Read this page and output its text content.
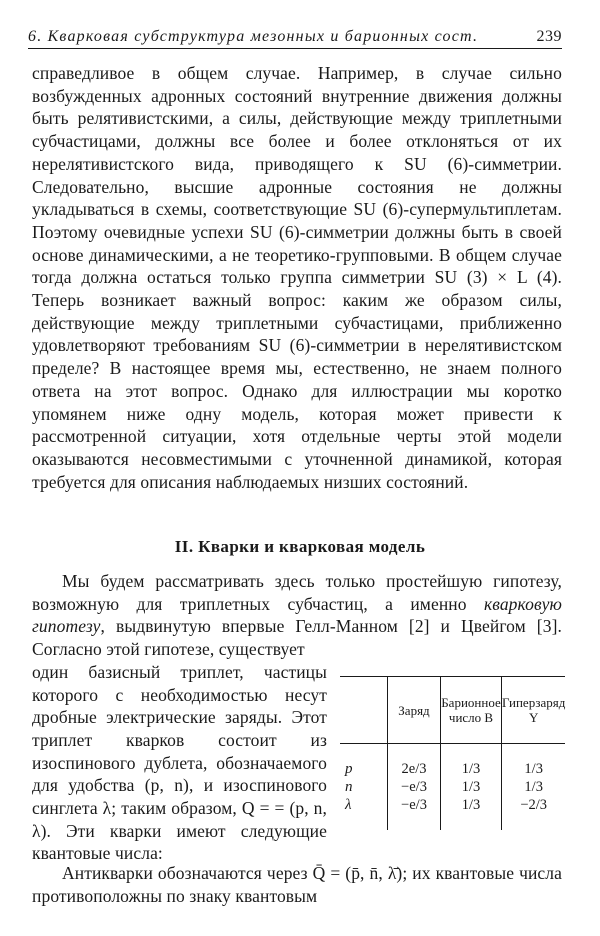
6. Кварковая субструктура мезонных и барионных сост.	239

справедливое в общем случае. Например, в случае сильно возбужденных адронных состояний внутренние движения должны быть релятивистскими, а силы, действующие между триплетными субчастицами, должны все более и более отклоняться от их нерелятивистского вида, приводящего к SU (6)-симметрии. Следовательно, высшие адронные состояния не должны укладываться в схемы, соответствующие SU (6)-супермультиплетам. Поэтому очевидные успехи SU (6)-симметрии должны быть в своей основе динамическими, а не теоретико-групповыми. В общем случае тогда должна остаться только группа симметрии SU (3) × L (4). Теперь возникает важный вопрос: каким же образом силы, действующие между триплетными субчастицами, приближенно удовлетворяют требованиям SU (6)-симметрии в нерелятивистском пределе? В настоящее время мы, естественно, не знаем полного ответа на этот вопрос. Однако для иллюстрации мы коротко упомянем ниже одну модель, которая может привести к рассмотренной ситуации, хотя отдельные черты этой модели оказываются несовместимыми с уточненной динамикой, которая требуется для описания наблюдаемых низших состояний.

II. Кварки и кварковая модель

Мы будем рассматривать здесь только простейшую гипотезу, возможную для триплетных субчастиц, а именно кварковую гипотезу, выдвинутую впервые Гелл-Манном [2] и Цвейгом [3]. Согласно этой гипотезе, существует
один базисный триплет, частицы которого с необходимостью несут дробные электрические заряды. Этот триплет кварков состоит из изоспинового дублета, обозначаемого для удобства (p, n), и изоспинового синглета λ; таким образом, Q = = (p, n, λ). Эти кварки имеют следующие квантовые числа:

	Заряд	Барионное число B	Гиперзаряд Y
p	2e/3	1/3	1/3
n	−e/3	1/3	1/3
λ	−e/3	1/3	−2/3

Антикварки обозначаются через Q̄ = (p̄, n̄, λ̄); их квантовые числа противоположны по знаку квантовым
